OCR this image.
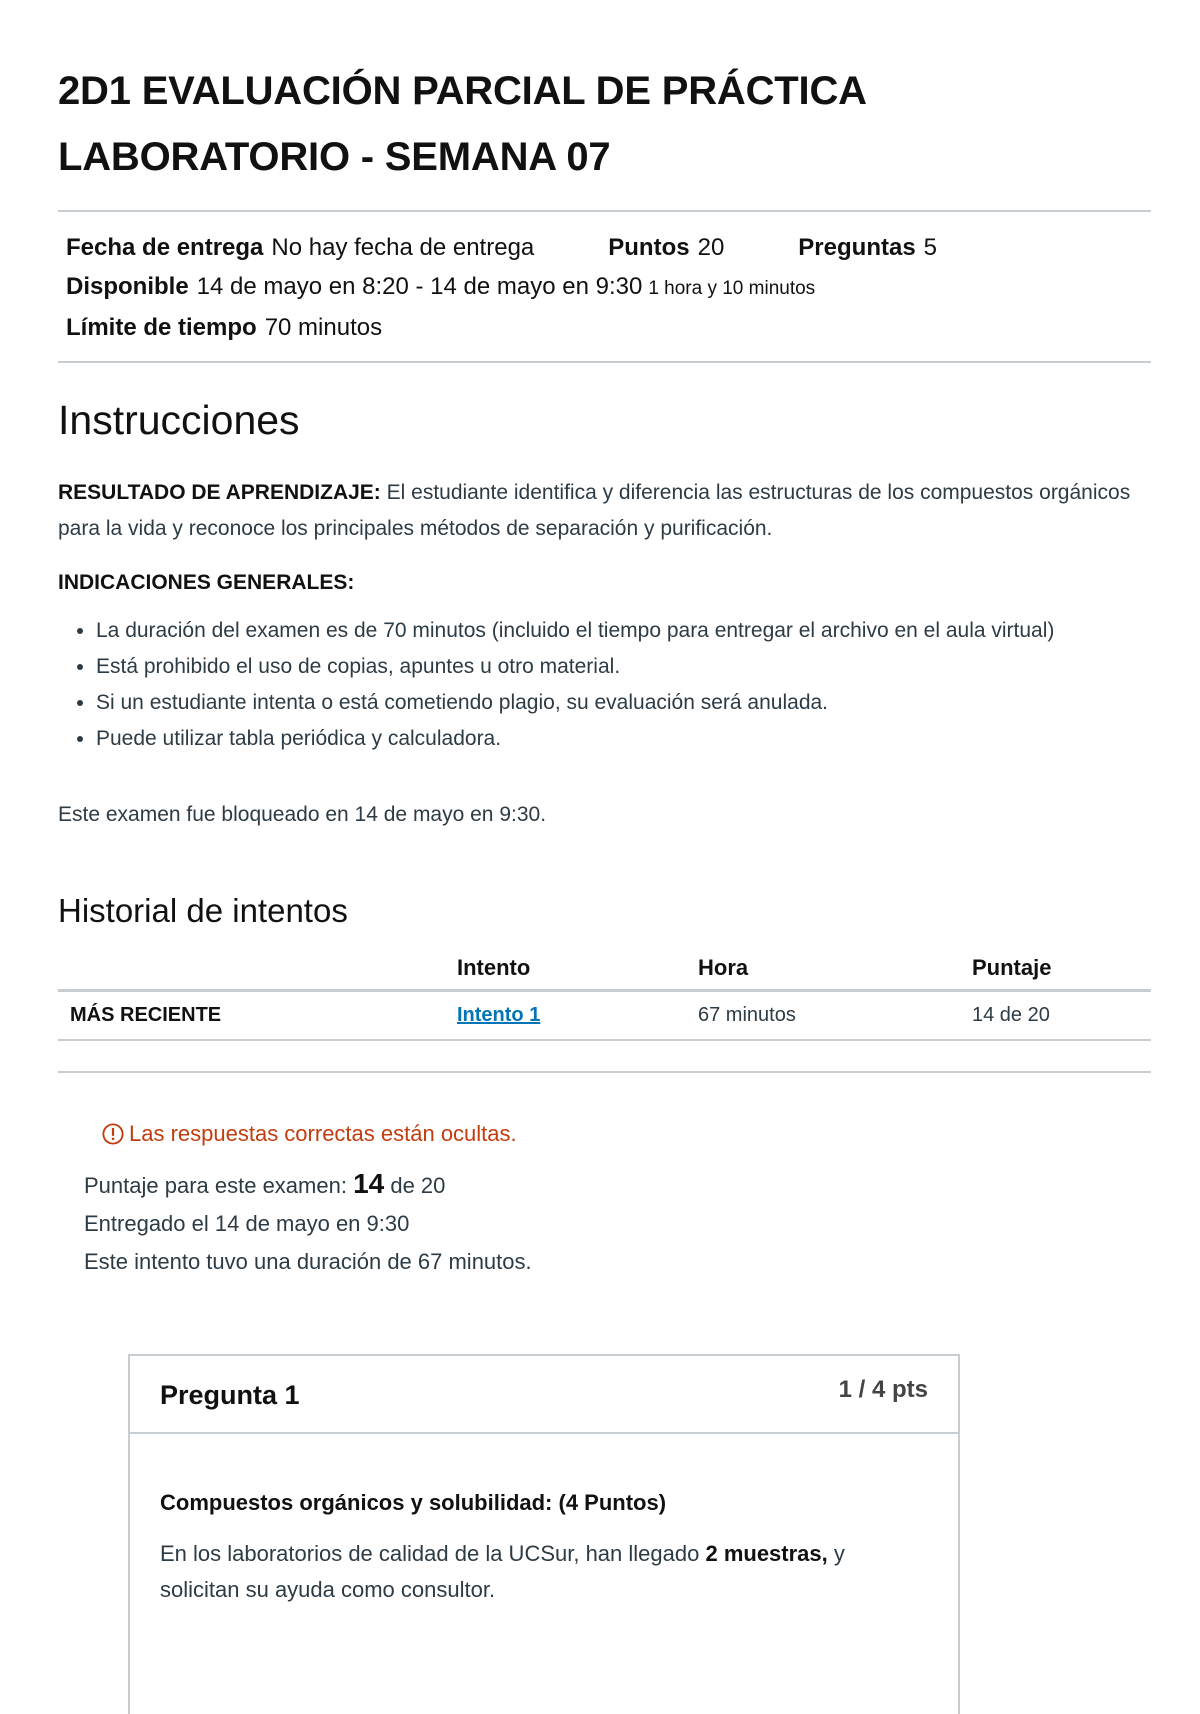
2D1 EVALUACIÓN PARCIAL DE PRÁCTICA
LABORATORIO - SEMANA 07
Fecha de entrega No hay fecha de entrega	Puntos 20	Preguntas 5
Disponible 14 de mayo en 8:20 - 14 de mayo en 9:30 1 hora y 10 minutos
Límite de tiempo 70 minutos
Instrucciones

RESULTADO DE APRENDIZAJE: El estudiante identifica y diferencia las estructuras de los compuestos orgánicos para la vida y reconoce los principales métodos de separación y purificación.

INDICACIONES GENERALES:

• La duración del examen es de 70 minutos (incluido el tiempo para entregar el archivo en el aula virtual)
• Está prohibido el uso de copias, apuntes u otro material.
• Si un estudiante intenta o está cometiendo plagio, su evaluación será anulada.
• Puede utilizar tabla periódica y calculadora.

Este examen fue bloqueado en 14 de mayo en 9:30.

Historial de intentos
	Intento	Hora	Puntaje
MÁS RECIENTE	Intento 1	67 minutos	14 de 20
Las respuestas correctas están ocultas.
Puntaje para este examen: 14 de 20
Entregado el 14 de mayo en 9:30
Este intento tuvo una duración de 67 minutos.
Pregunta 1	1 / 4 pts

Compuestos orgánicos y solubilidad: (4 Puntos)

En los laboratorios de calidad de la UCSur, han llegado 2 muestras, y solicitan su ayuda como consultor.
